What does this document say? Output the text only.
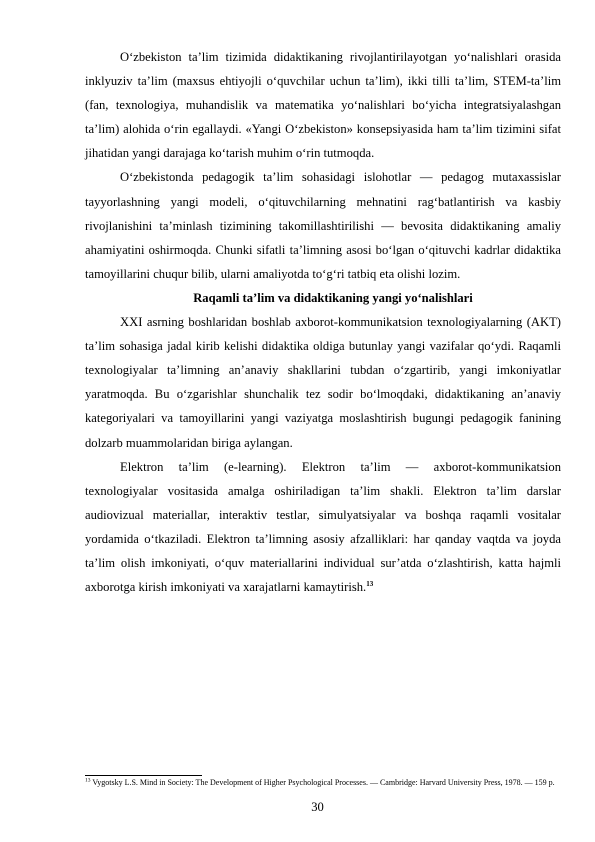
O‘zbekiston ta’lim tizimida didaktikaning rivojlantirilayotgan yo‘nalishlari orasida inklyuziv ta’lim (maxsus ehtiyojli o‘quvchilar uchun ta’lim), ikki tilli ta’lim, STEM-ta’lim (fan, texnologiya, muhandislik va matematika yo‘nalishlari bo‘yicha integratsiyalashgan ta’lim) alohida o‘rin egallaydi. «Yangi O‘zbekiston» konsepsiyasida ham ta’lim tizimini sifat jihatidan yangi darajaga ko‘tarish muhim o‘rin tutmoqda.

O‘zbekistonda pedagogik ta’lim sohasidagi islohotlar — pedagog mutaxassislar tayyorlashning yangi modeli, o‘qituvchilarning mehnatini rag‘batlantirish va kasbiy rivojlanishini ta’minlash tizimining takomillashtirilishi — bevosita didaktikaning amaliy ahamiyatini oshirmoqda. Chunki sifatli ta’limning asosi bo‘lgan o‘qituvchi kadrlar didaktika tamoyillarini chuqur bilib, ularni amaliyotda to‘g‘ri tatbiq eta olishi lozim.

Raqamli ta’lim va didaktikaning yangi yo‘nalishlari

XXI asrning boshlaridan boshlab axborot-kommunikatsion texnologiyalarning (AKT) ta’lim sohasiga jadal kirib kelishi didaktika oldiga butunlay yangi vazifalar qo‘ydi. Raqamli texnologiyalar ta’limning an’anaviy shakllarini tubdan o‘zgartirib, yangi imkoniyatlar yaratmoqda. Bu o‘zgarishlar shunchalik tez sodir bo‘lmoqdaki, didaktikaning an’anaviy kategoriyalari va tamoyillarini yangi vaziyatga moslashtirish bugungi pedagogik fanining dolzarb muammolaridan biriga aylangan.

Elektron ta’lim (e-learning). Elektron ta’lim — axborot-kommunikatsion texnologiyalar vositasida amalga oshiriladigan ta’lim shakli. Elektron ta’lim darslar audiovizual materiallar, interaktiv testlar, simulyatsiyalar va boshqa raqamli vositalar yordamida o‘tkaziladi. Elektron ta’limning asosiy afzalliklari: har qanday vaqtda va joyda ta’lim olish imkoniyati, o‘quv materiallarini individual sur’atda o‘zlashtirish, katta hajmli axborotga kirish imkoniyati va xarajatlarni kamaytirish.$^{13}$

$^{13}$ Vygotsky L.S. Mind in Society: The Development of Higher Psychological Processes. — Cambridge: Harvard University Press, 1978. — 159 p.
30
